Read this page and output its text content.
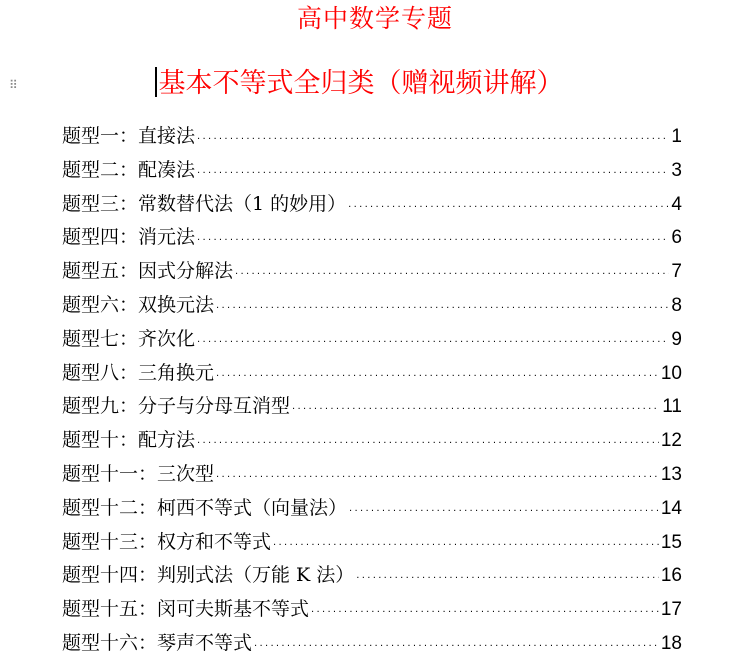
高中数学专题
⠿	基本不等式全归类（赠视频讲解）
题型一：直接法 ·····	1
题型二：配凑法 ·····	3
题型三：常数替代法（1 的妙用） ·····	4
题型四：消元法 ·····	6
题型五：因式分解法 ·····	7
题型六：双换元法 ·····	8
题型七：齐次化 ·····	9
题型八：三角换元 ·····	10
题型九：分子与分母互消型 ·····	11
题型十：配方法 ·····	12
题型十一：三次型 ·····	13
题型十二：柯西不等式（向量法） ·····	14
题型十三：权方和不等式 ·····	15
题型十四：判别式法（万能 K 法） ·····	16
题型十五：闵可夫斯基不等式 ·····	17
题型十六：琴声不等式 ·····	18
